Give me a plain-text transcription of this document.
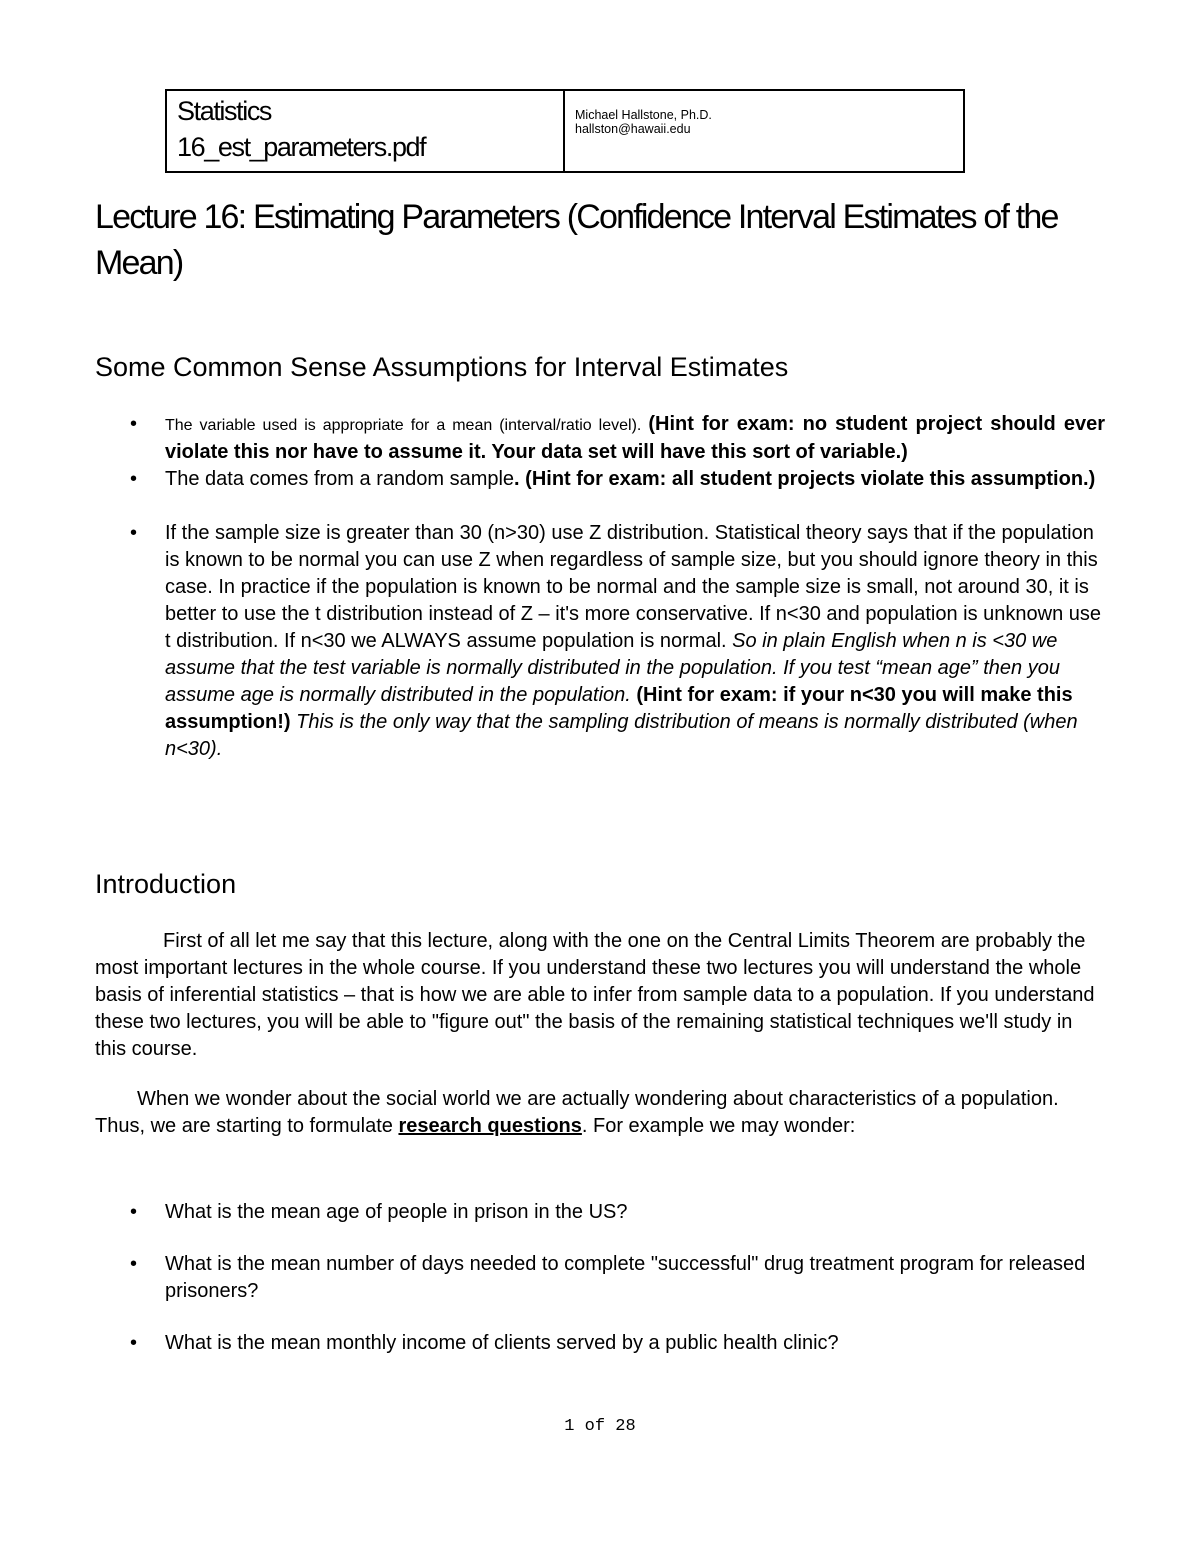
Statistics
16_est_parameters.pdf
Michael Hallstone, Ph.D.
hallston@hawaii.edu
Lecture 16: Estimating Parameters (Confidence Interval Estimates of the Mean)
Some Common Sense Assumptions for Interval Estimates
• The variable used is appropriate for a mean (interval/ratio level). (Hint for exam: no student project should ever violate this nor have to assume it. Your data set will have this sort of variable.)
• The data comes from a random sample. (Hint for exam: all student projects violate this assumption.)
• If the sample size is greater than 30 (n>30) use Z distribution. Statistical theory says that if the population is known to be normal you can use Z when regardless of sample size, but you should ignore theory in this case. In practice if the population is known to be normal and the sample size is small, not around 30, it is better to use the t distribution instead of Z – it's more conservative. If n<30 and population is unknown use t distribution. If n<30 we ALWAYS assume population is normal. So in plain English when n is <30 we assume that the test variable is normally distributed in the population. If you test “mean age” then you assume age is normally distributed in the population. (Hint for exam: if your n<30 you will make this assumption!) This is the only way that the sampling distribution of means is normally distributed (when n<30).
Introduction

First of all let me say that this lecture, along with the one on the Central Limits Theorem are probably the most important lectures in the whole course. If you understand these two lectures you will understand the whole basis of inferential statistics – that is how we are able to infer from sample data to a population. If you understand these two lectures, you will be able to "figure out" the basis of the remaining statistical techniques we'll study in this course.

When we wonder about the social world we are actually wondering about characteristics of a population. Thus, we are starting to formulate research questions. For example we may wonder:

• What is the mean age of people in prison in the US?
• What is the mean number of days needed to complete "successful" drug treatment program for released prisoners?
• What is the mean monthly income of clients served by a public health clinic?
1 of 28
